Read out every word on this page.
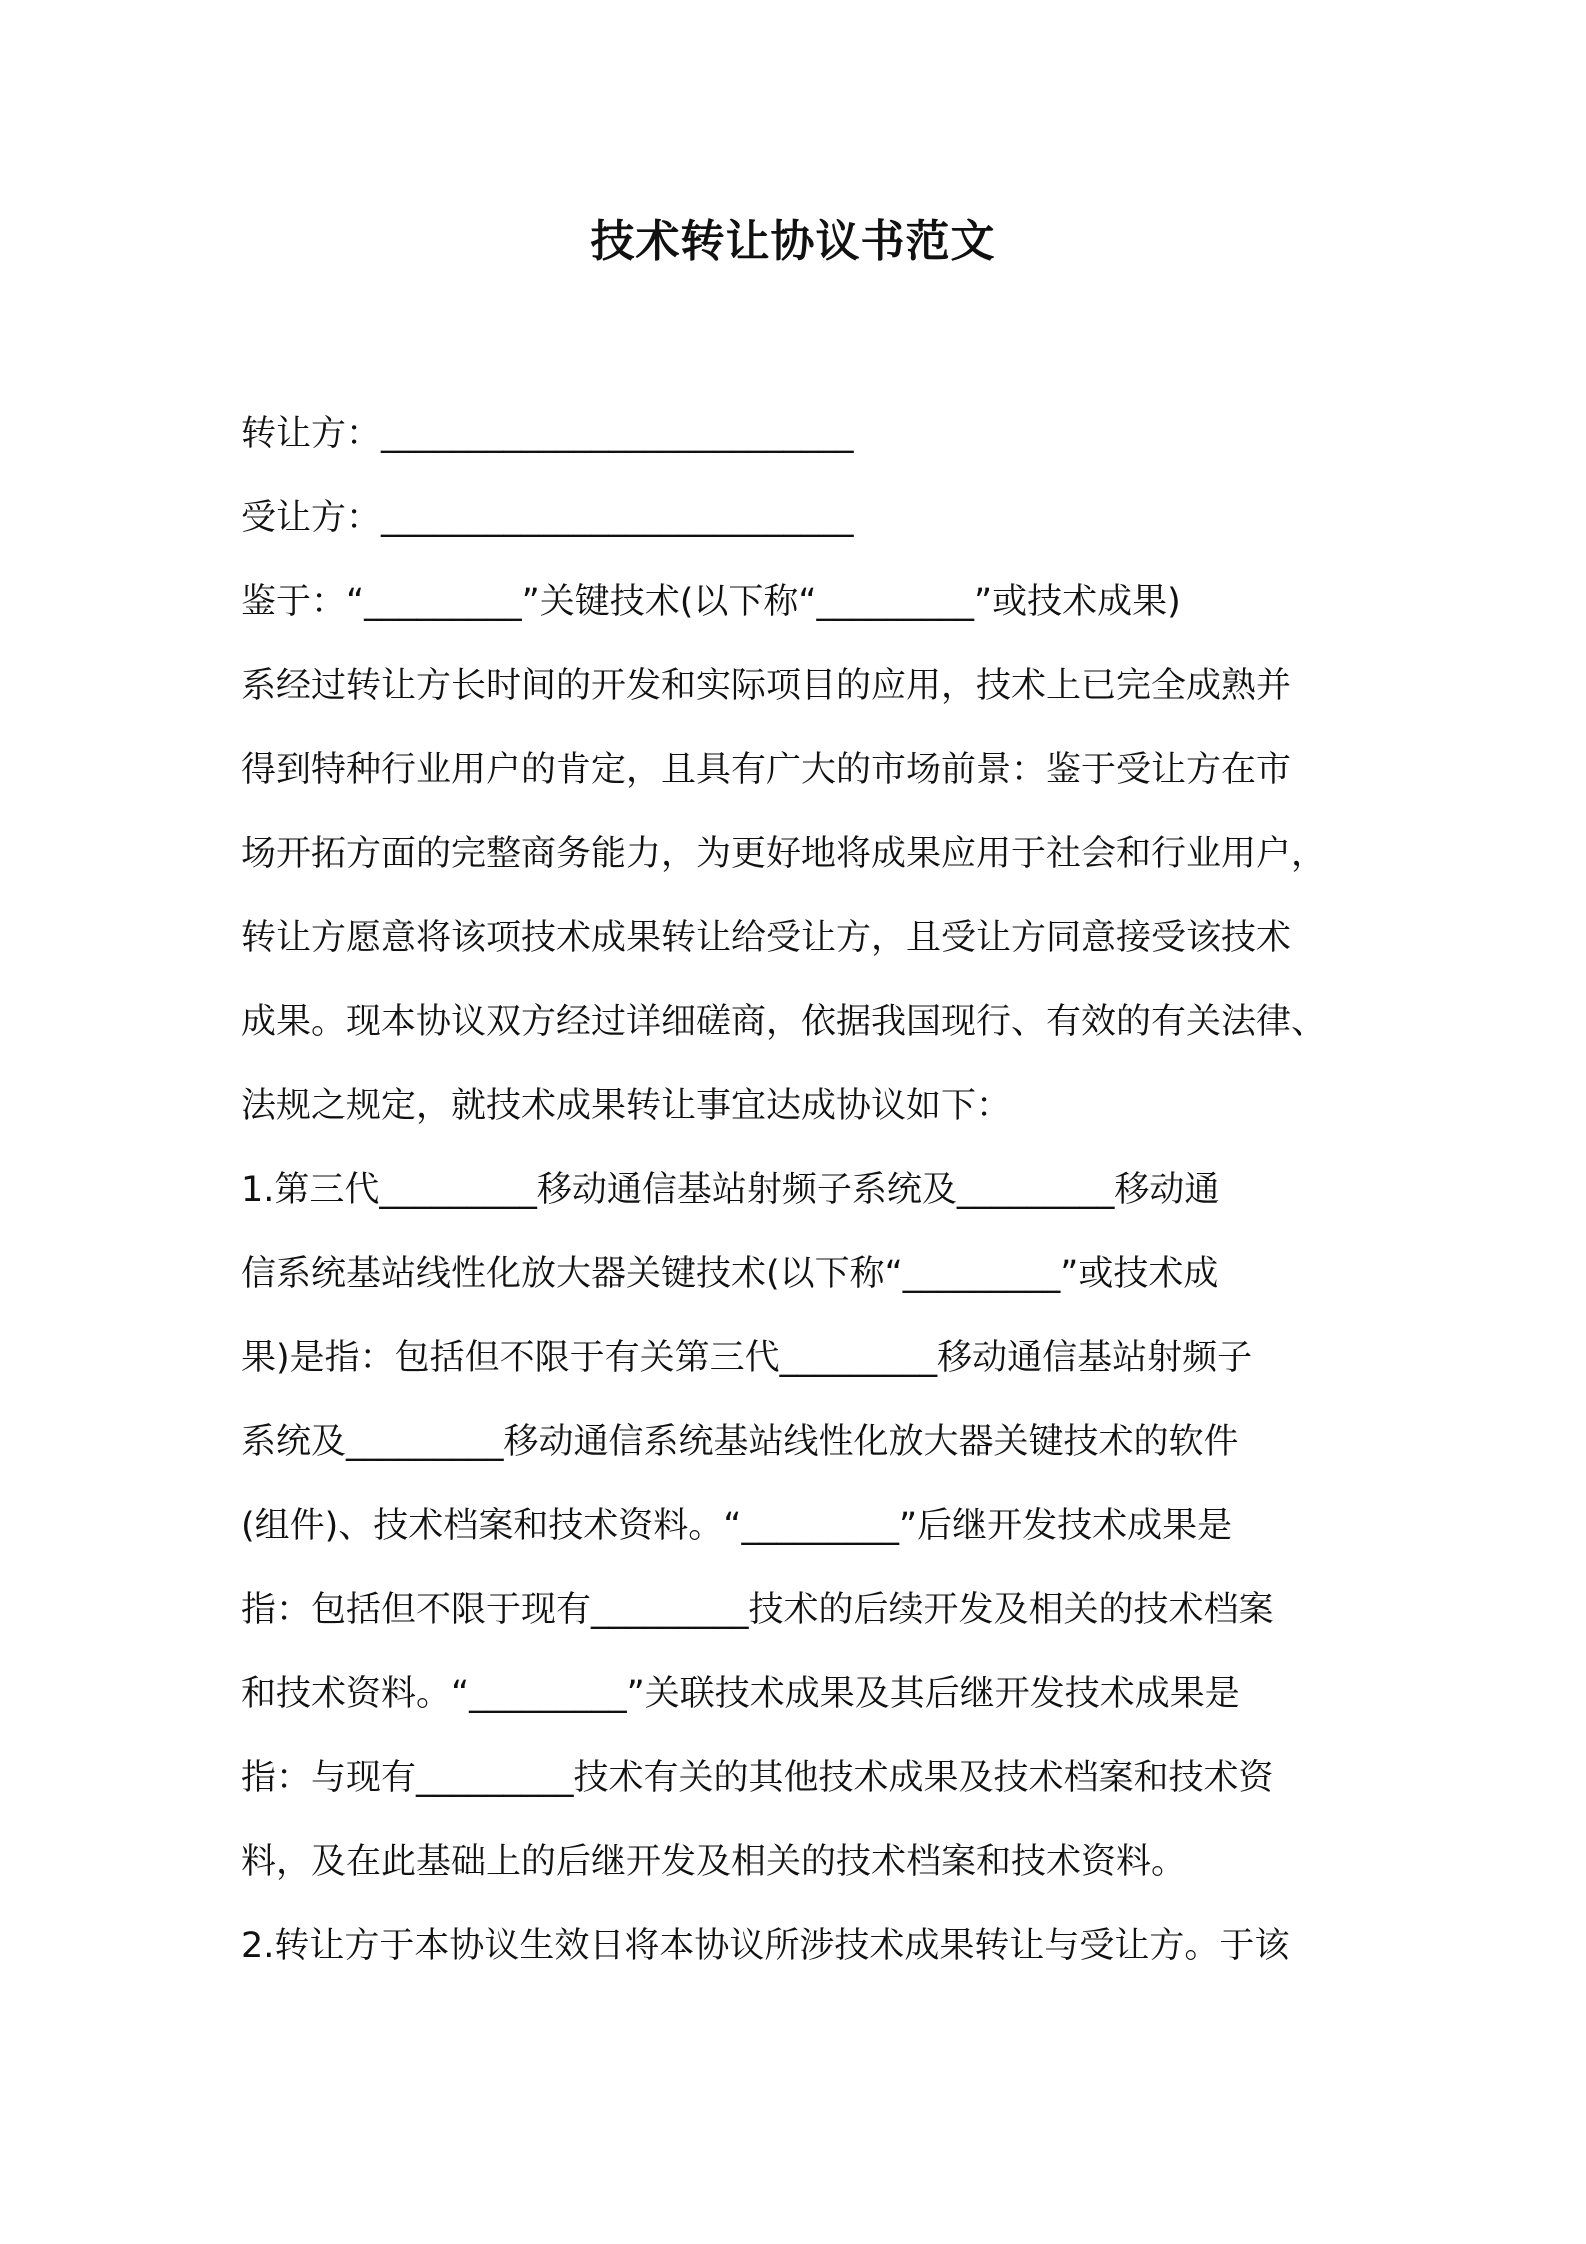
技术转让协议书范文
转让方：___________________________
受让方：___________________________
鉴于：“_________”关键技术(以下称“_________”或技术成果)
系经过转让方长时间的开发和实际项目的应用，技术上已完全成熟并
得到特种行业用户的肯定，且具有广大的市场前景：鉴于受让方在市
场开拓方面的完整商务能力，为更好地将成果应用于社会和行业用户，
转让方愿意将该项技术成果转让给受让方，且受让方同意接受该技术
成果。现本协议双方经过详细磋商，依据我国现行、有效的有关法律、
法规之规定，就技术成果转让事宜达成协议如下：
1.第三代_________移动通信基站射频子系统及_________移动通
信系统基站线性化放大器关键技术(以下称“_________”或技术成
果)是指：包括但不限于有关第三代_________移动通信基站射频子
系统及_________移动通信系统基站线性化放大器关键技术的软件
(组件)、技术档案和技术资料。“_________”后继开发技术成果是
指：包括但不限于现有_________技术的后续开发及相关的技术档案
和技术资料。“_________”关联技术成果及其后继开发技术成果是
指：与现有_________技术有关的其他技术成果及技术档案和技术资
料，及在此基础上的后继开发及相关的技术档案和技术资料。
2.转让方于本协议生效日将本协议所涉技术成果转让与受让方。于该
